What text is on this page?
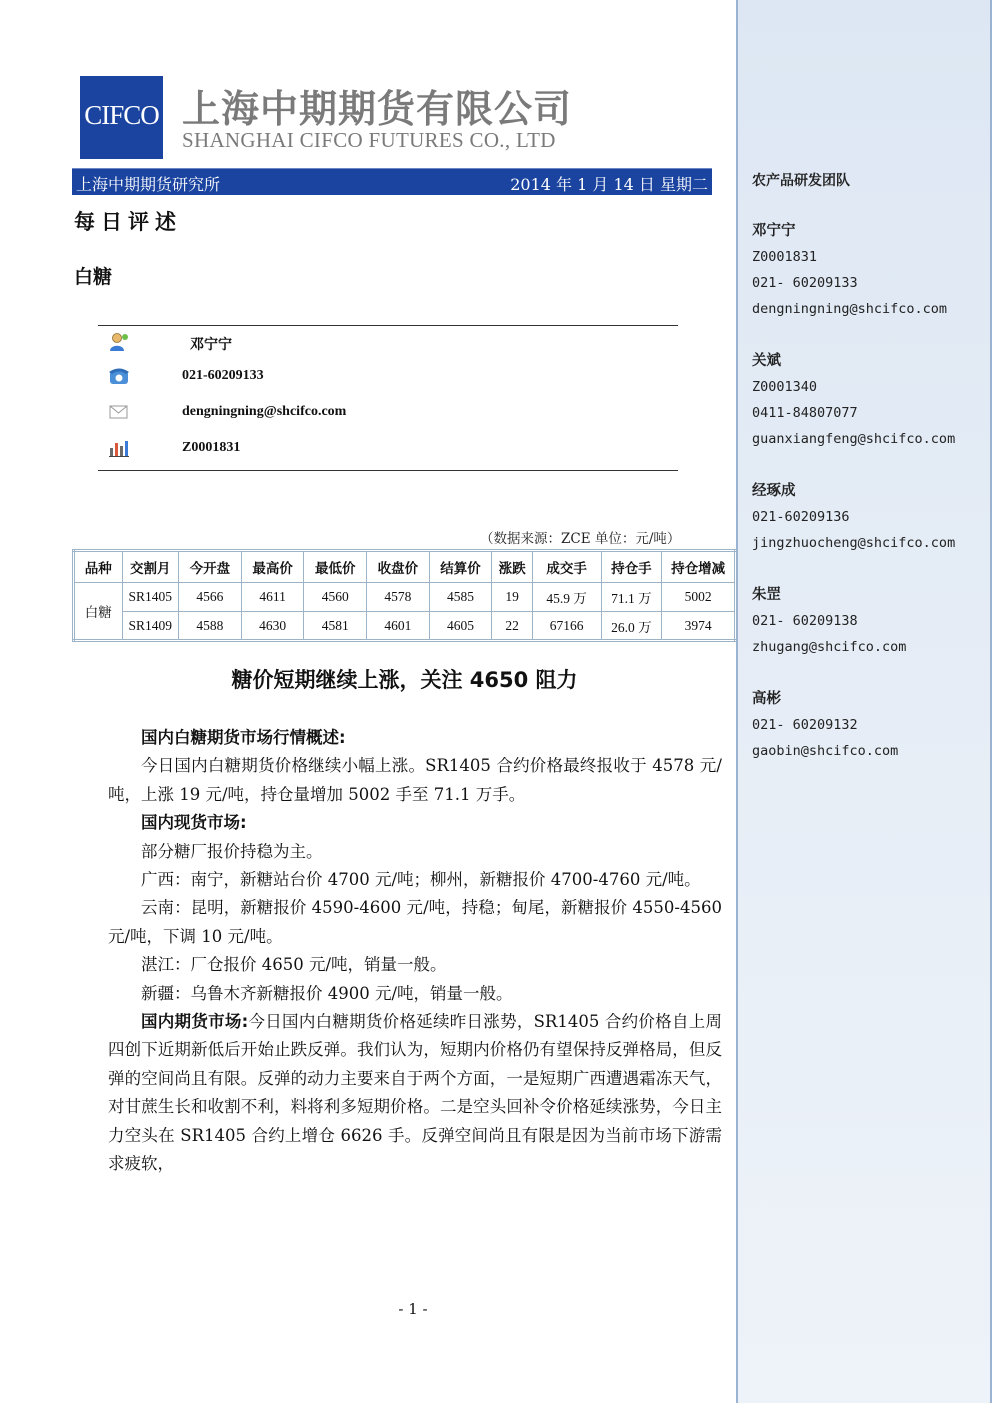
农产品研发团队
邓宁宁
Z0001831
021- 60209133
dengningning@shcifco.com
关斌
Z0001340
0411-84807077
guanxiangfeng@shcifco.com
经琢成
021-60209136
jingzhuocheng@shcifco.com
朱罡
021- 60209138
zhugang@shcifco.com
高彬
021- 60209132
gaobin@shcifco.com
CIFCO 上海中期期货有限公司
SHANGHAI CIFCO FUTURES CO., LTD
上海中期期货研究所	2014 年 1 月 14 日 星期二
每日评述
白糖
邓宁宁
021-60209133
dengningning@shcifco.com
Z0001831
（数据来源：ZCE 单位：元/吨）
品种	交割月	今开盘	最高价	最低价	收盘价	结算价	涨跌	成交手	持仓手	持仓增减
白糖	SR1405	4566	4611	4560	4578	4585	19	45.9 万	71.1 万	5002
	SR1409	4588	4630	4581	4601	4605	22	67166	26.0 万	3974
糖价短期继续上涨，关注 4650 阻力

国内白糖期货市场行情概述:

今日国内白糖期货价格继续小幅上涨。SR1405 合约价格最终报收于 4578 元/吨，上涨 19 元/吨，持仓量增加 5002 手至 71.1 万手。

国内现货市场:

部分糖厂报价持稳为主。

广西：南宁，新糖站台价 4700 元/吨；柳州，新糖报价 4700-4760 元/吨。

云南：昆明，新糖报价 4590-4600 元/吨，持稳；甸尾，新糖报价 4550-4560 元/吨，下调 10 元/吨。

湛江：厂仓报价 4650 元/吨，销量一般。

新疆：乌鲁木齐新糖报价 4900 元/吨，销量一般。

国内期货市场:今日国内白糖期货价格延续昨日涨势，SR1405 合约价格自上周四创下近期新低后开始止跌反弹。我们认为，短期内价格仍有望保持反弹格局，但反弹的空间尚且有限。反弹的动力主要来自于两个方面，一是短期广西遭遇霜冻天气，对甘蔗生长和收割不利，料将利多短期价格。二是空头回补令价格延续涨势，今日主力空头在 SR1405 合约上增仓 6626 手。反弹空间尚且有限是因为当前市场下游需求疲软，

- 1 -
